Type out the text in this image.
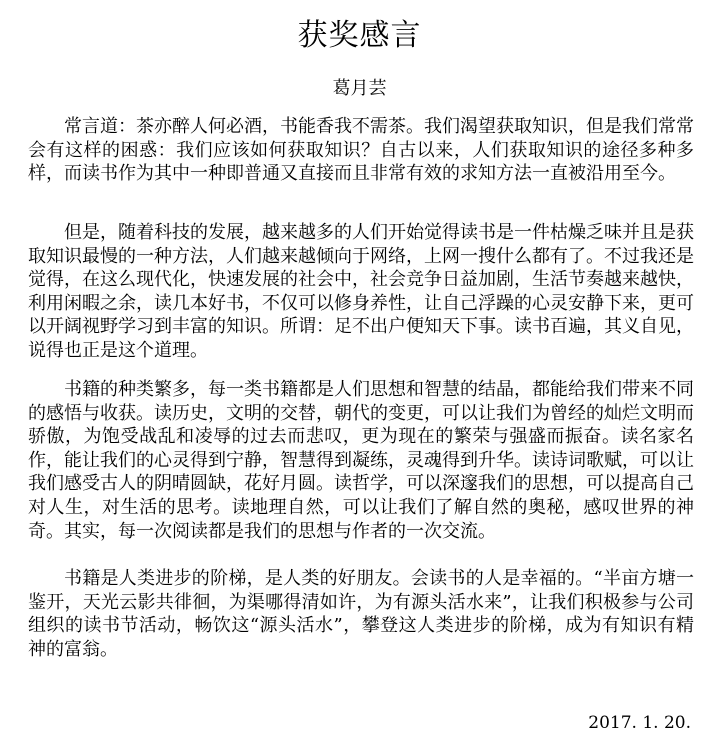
获奖感言
葛月芸

常言道：茶亦醉人何必酒，书能香我不需茶。我们渴望获取知识，但是我们常常会有这样的困惑：我们应该如何获取知识？自古以来，人们获取知识的途径多种多样，而读书作为其中一种即普通又直接而且非常有效的求知方法一直被沿用至今。

但是，随着科技的发展，越来越多的人们开始觉得读书是一件枯燥乏味并且是获取知识最慢的一种方法，人们越来越倾向于网络，上网一搜什么都有了。不过我还是觉得，在这么现代化，快速发展的社会中，社会竞争日益加剧，生活节奏越来越快，利用闲暇之余，读几本好书，不仅可以修身养性，让自己浮躁的心灵安静下来，更可以开阔视野学习到丰富的知识。所谓：足不出户便知天下事。读书百遍，其义自见，说得也正是这个道理。

书籍的种类繁多，每一类书籍都是人们思想和智慧的结晶，都能给我们带来不同的感悟与收获。读历史，文明的交替，朝代的变更，可以让我们为曾经的灿烂文明而骄傲，为饱受战乱和凌辱的过去而悲叹，更为现在的繁荣与强盛而振奋。读名家名作，能让我们的心灵得到宁静，智慧得到凝练，灵魂得到升华。读诗词歌赋，可以让我们感受古人的阴晴圆缺，花好月圆。读哲学，可以深邃我们的思想，可以提高自己对人生，对生活的思考。读地理自然，可以让我们了解自然的奥秘，感叹世界的神奇。其实，每一次阅读都是我们的思想与作者的一次交流。

书籍是人类进步的阶梯，是人类的好朋友。会读书的人是幸福的。“半亩方塘一鉴开，天光云影共徘徊，为渠哪得清如许，为有源头活水来”，让我们积极参与公司组织的读书节活动，畅饮这“源头活水”，攀登这人类进步的阶梯，成为有知识有精神的富翁。

2017. 1. 20.
